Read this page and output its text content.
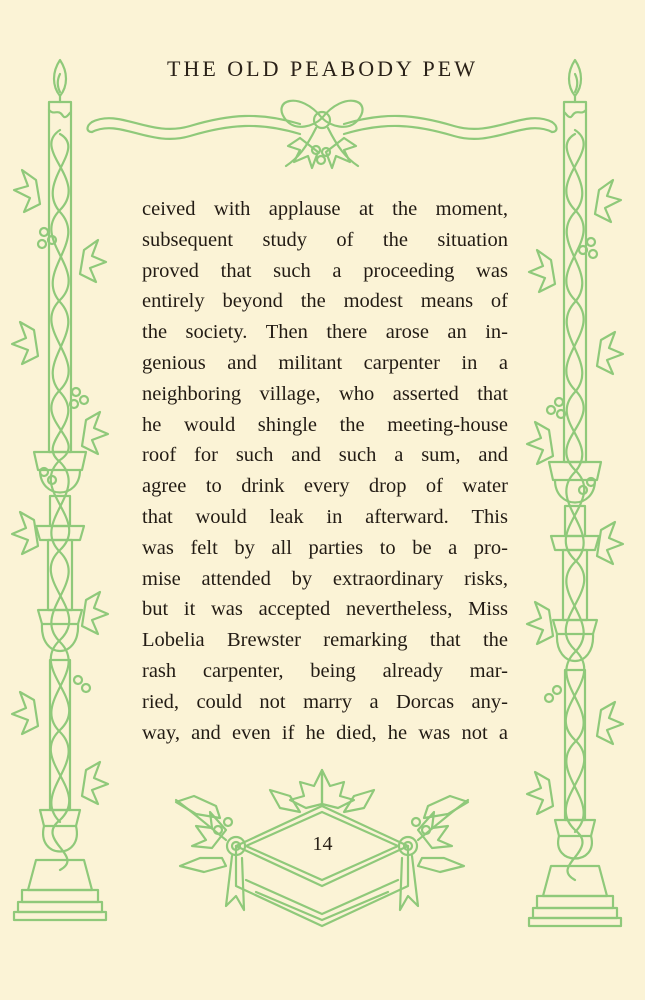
THE OLD PEABODY PEW
ceived with applause at the moment,
subsequent study of the situation
proved that such a proceeding was
entirely beyond the modest means of
the society. Then there arose an in-
genious and militant carpenter in a
neighboring village, who asserted that
he would shingle the meeting-house
roof for such and such a sum, and
agree to drink every drop of water
that would leak in afterward. This
was felt by all parties to be a pro-
mise attended by extraordinary risks,
but it was accepted nevertheless, Miss
Lobelia Brewster remarking that the
rash carpenter, being already mar-
ried, could not marry a Dorcas any-
way, and even if he died, he was not a
14
